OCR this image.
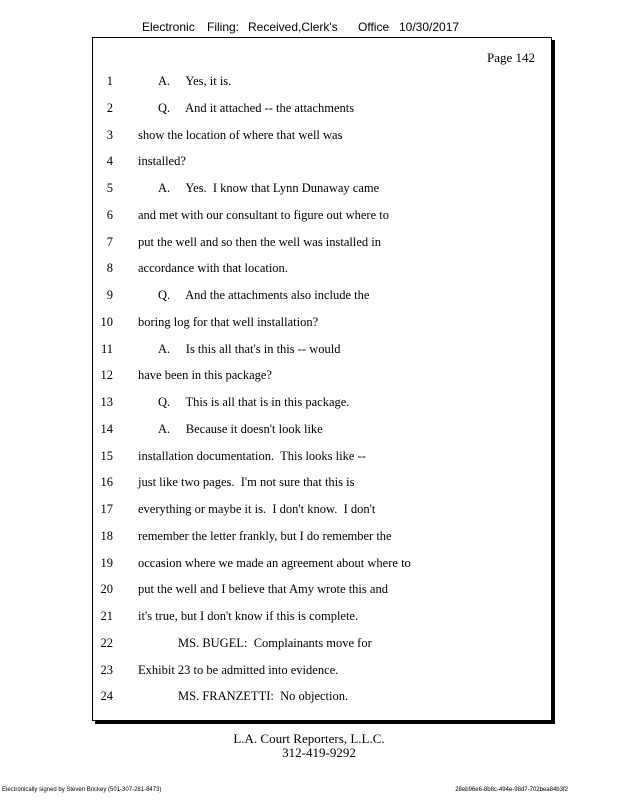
Electronic Filing: Received,Clerk's Office 10/30/2017
Page 142
1	A.     Yes, it is.
2	Q.     And it attached -- the attachments
3 show the location of where that well was
4 installed?
5	A.     Yes.  I know that Lynn Dunaway came
6 and met with our consultant to figure out where to
7 put the well and so then the well was installed in
8 accordance with that location.
9	Q.     And the attachments also include the
10 boring log for that well installation?
11	A.     Is this all that's in this -- would
12 have been in this package?
13	Q.     This is all that is in this package.
14	A.     Because it doesn't look like
15 installation documentation.  This looks like --
16 just like two pages.  I'm not sure that this is
17 everything or maybe it is.  I don't know.  I don't
18 remember the letter frankly, but I do remember the
19 occasion where we made an agreement about where to
20 put the well and I believe that Amy wrote this and
21 it's true, but I don't know if this is complete.
22	MS. BUGEL:  Complainants move for
23 Exhibit 23 to be admitted into evidence.
24	MS. FRANZETTI:  No objection.
L.A. Court Reporters, L.L.C.
312-419-9292
Electronically signed by Steven Brickey (501-307-281-8473)	28eb96e6-8b8c-494e-98d7-702bea84b3f2
